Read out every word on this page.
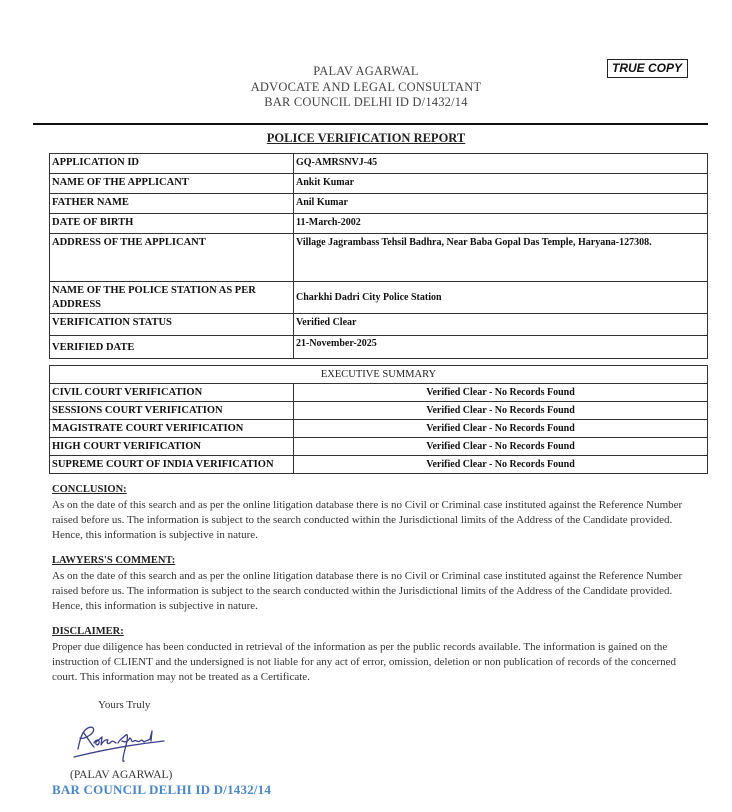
PALAV AGARWAL
ADVOCATE AND LEGAL CONSULTANT
BAR COUNCIL DELHI ID D/1432/14
TRUE COPY
POLICE VERIFICATION REPORT
APPLICATION ID	GQ-AMRSNVJ-45
NAME OF THE APPLICANT	Ankit Kumar
FATHER NAME	Anil Kumar
DATE OF BIRTH	11-March-2002
ADDRESS OF THE APPLICANT	Village Jagrambass Tehsil Badhra, Near Baba Gopal Das Temple, Haryana-127308.
NAME OF THE POLICE STATION AS PER ADDRESS	Charkhi Dadri City Police Station
VERIFICATION STATUS	Verified Clear
VERIFIED DATE	21-November-2025
EXECUTIVE SUMMARY	
CIVIL COURT VERIFICATION	Verified Clear - No Records Found
SESSIONS COURT VERIFICATION	Verified Clear - No Records Found
MAGISTRATE COURT VERIFICATION	Verified Clear - No Records Found
HIGH COURT VERIFICATION	Verified Clear - No Records Found
SUPREME COURT OF INDIA VERIFICATION	Verified Clear - No Records Found
CONCLUSION:
As on the date of this search and as per the online litigation database there is no Civil or Criminal case instituted against the Reference Number raised before us. The information is subject to the search conducted within the Jurisdictional limits of the Address of the Candidate provided. Hence, this information is subjective in nature.
LAWYERS'S COMMENT:
As on the date of this search and as per the online litigation database there is no Civil or Criminal case instituted against the Reference Number raised before us. The information is subject to the search conducted within the Jurisdictional limits of the Address of the Candidate provided. Hence, this information is subjective in nature.
DISCLAIMER:
Proper due diligence has been conducted in retrieval of the information as per the public records available. The information is gained on the instruction of CLIENT and the undersigned is not liable for any act of error, omission, deletion or non publication of records of the concerned court. This information may not be treated as a Certificate.
Yours Truly
(PALAV AGARWAL)
BAR COUNCIL DELHI ID D/1432/14
